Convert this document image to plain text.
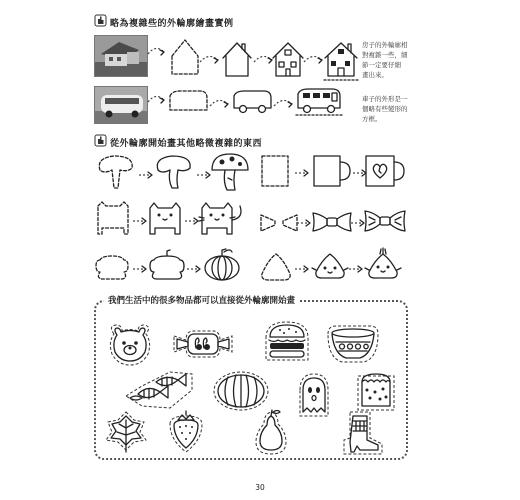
略為複雜些的外輪廓繪畫實例
房子的外輪廓相
對複雜一些，細
節一定要仔細
畫出來。
車子的外形是一
個略有些變形的
方框。
從外輪廓開始畫其他略微複雜的東西
我們生活中的很多物品都可以直接從外輪廓開始畫
30
